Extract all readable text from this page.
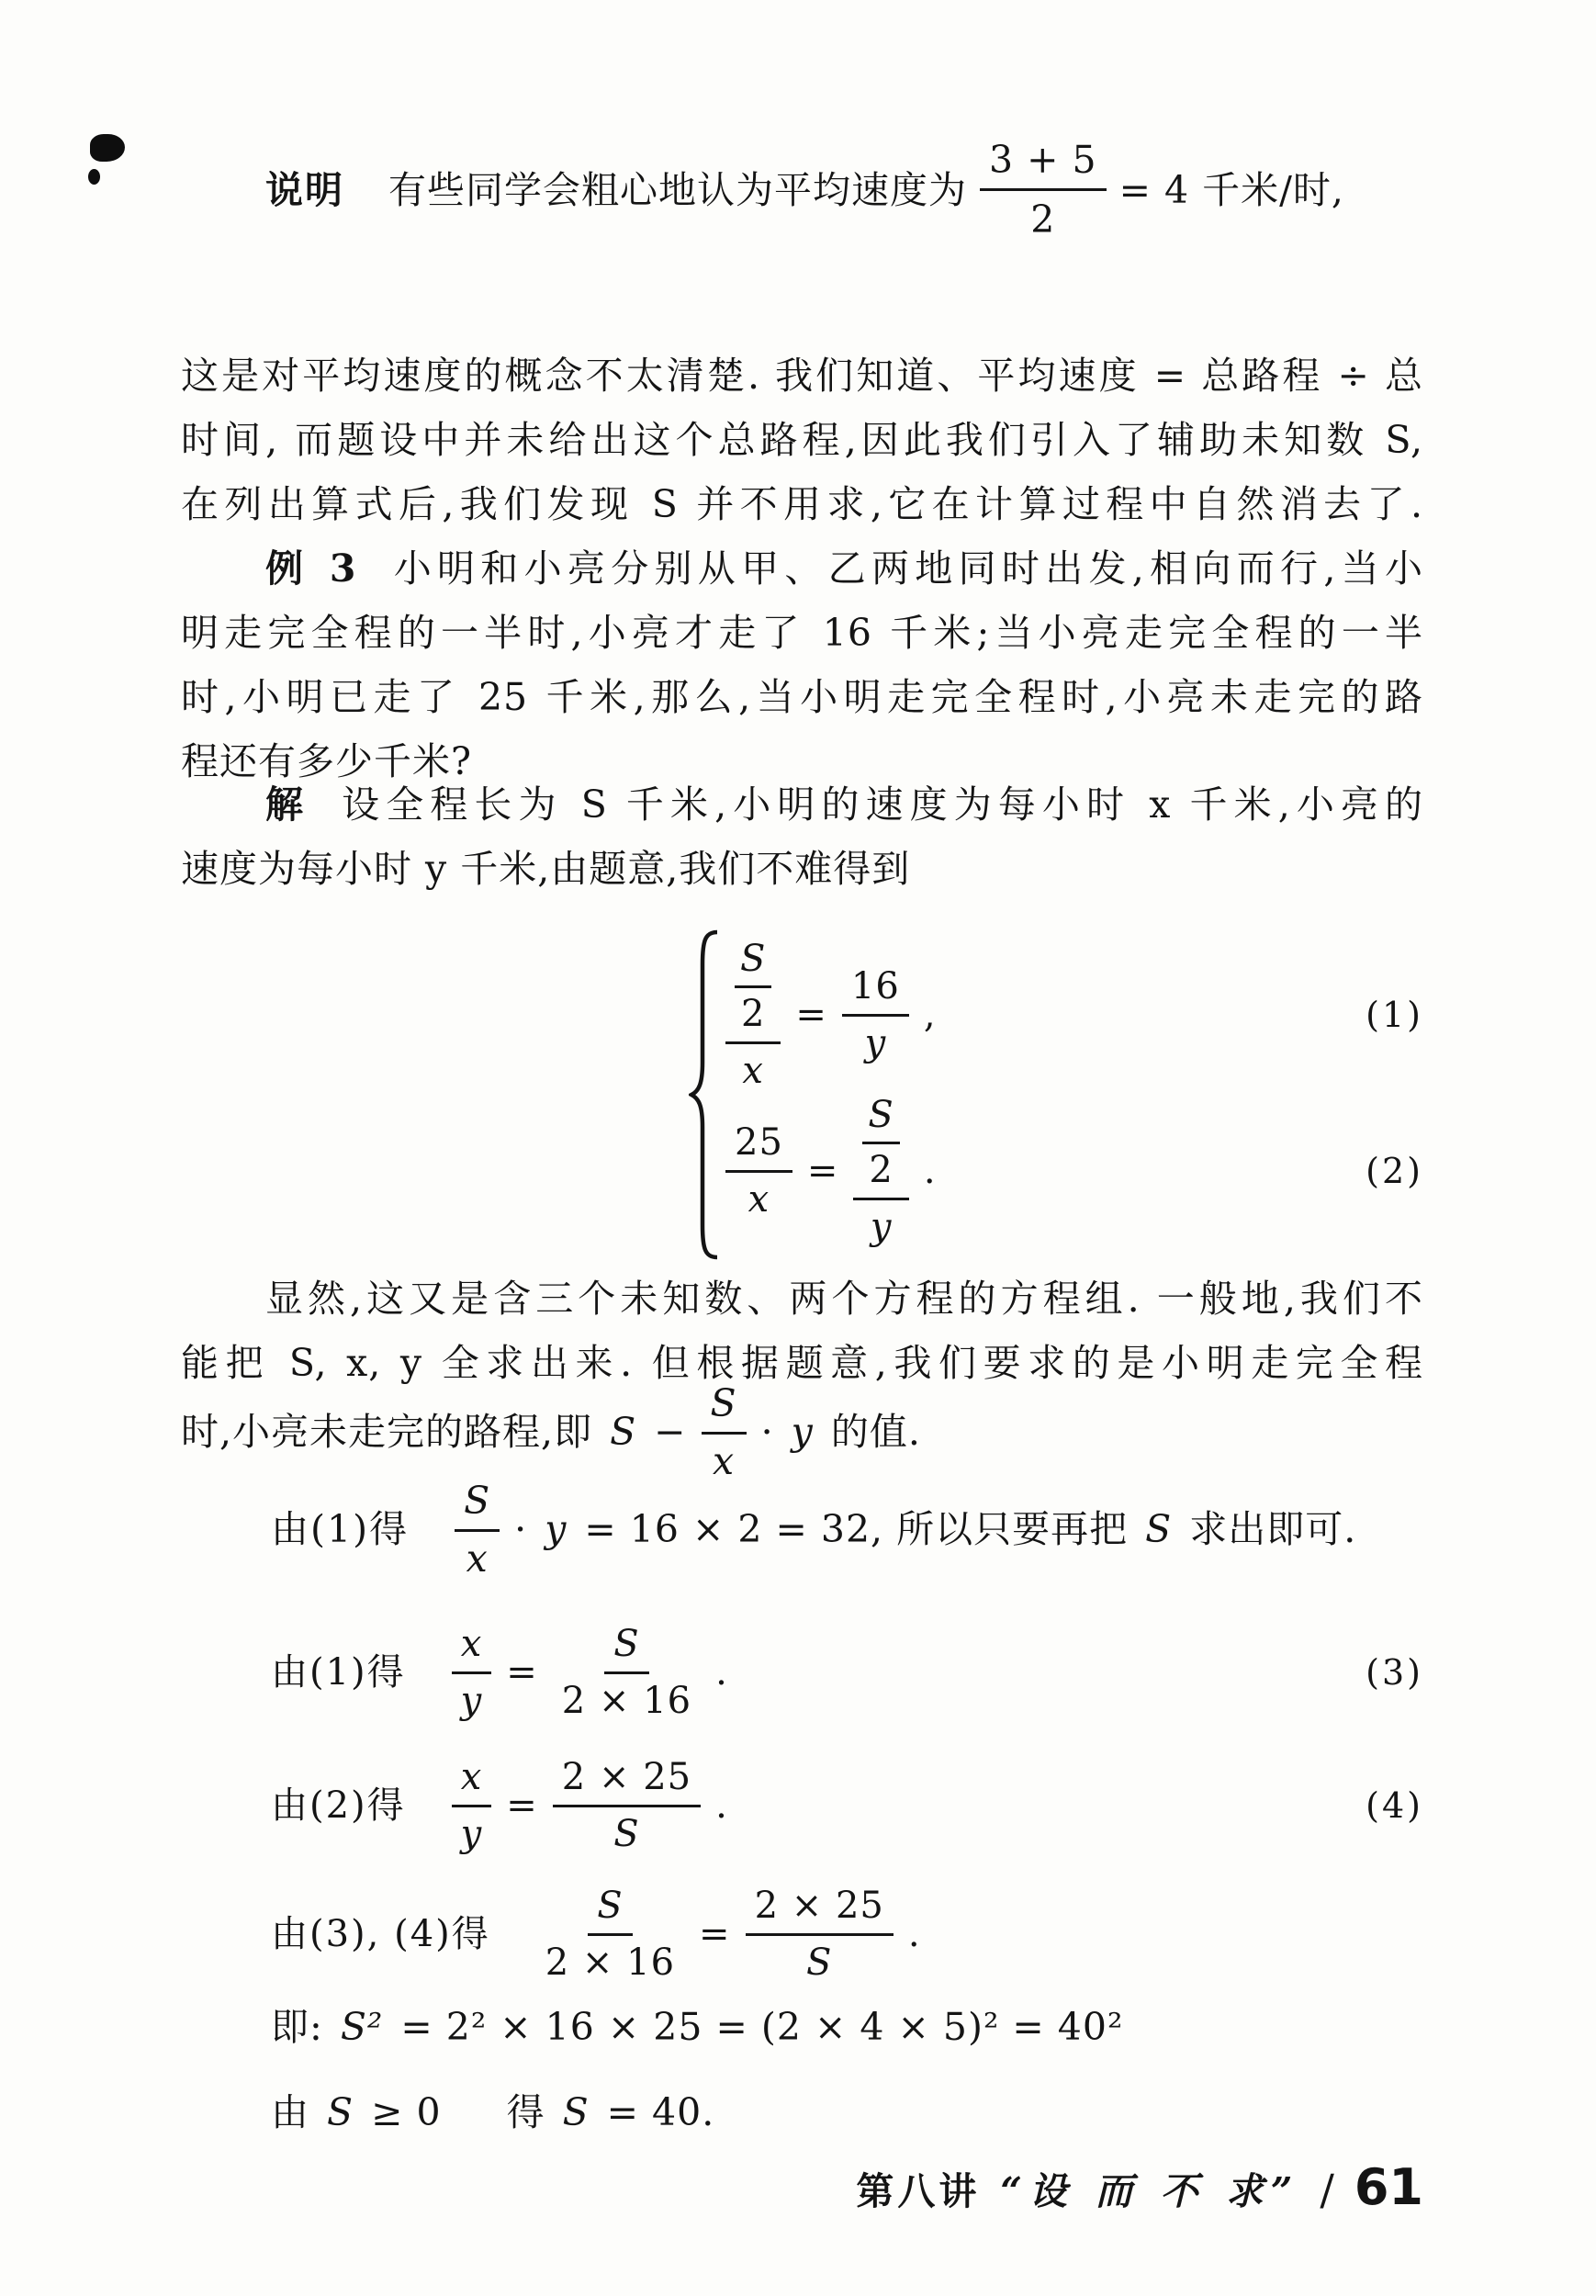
说明 有些同学会粗心地认为平均速度为 $\frac{3 + 5}{2} = 4$ 千米/时,
这是对平均速度的概念不太清楚. 我们知道、平均速度 = 总路程 ÷ 总
时间, 而题设中并未给出这个总路程,因此我们引入了辅助未知数 S,
在列出算式后,我们发现 S 并不用求,它在计算过程中自然消去了.
例 3 小明和小亮分别从甲、乙两地同时出发,相向而行,当小
明走完全程的一半时,小亮才走了 16 千米;当小亮走完全程的一半
时,小明已走了 25 千米,那么,当小明走完全程时,小亮未走完的路
程还有多少千米?
解 设全程长为 S 千米,小明的速度为每小时 x 千米,小亮的
速度为每小时 y 千米,由题意,我们不难得到
$\frac{\frac{S}{2}}{x} = \frac{16}{y}$ ,	(1)
$\frac{25}{x} = \frac{\frac{S}{2}}{y}$ .	(2)
显然,这又是含三个未知数、两个方程的方程组. 一般地,我们不
能把 S, x, y 全求出来. 但根据题意,我们要求的是小明走完全程
时,小亮未走完的路程,即 $S - \frac{S}{x} \cdot y$ 的值.
由(1)得 $\frac{S}{x} \cdot y = 16 \times 2 = 32$, 所以只要再把 S 求出即可.
由(1)得 $\frac{x}{y} = \frac{S}{2 \times 16}$ .	(3)
由(2)得 $\frac{x}{y} = \frac{2 \times 25}{S}$ .	(4)
由(3), (4)得 $\frac{S}{2 \times 16} = \frac{2 \times 25}{S}$ .
即: S² = 2² × 16 × 25 = (2 × 4 × 5)² = 40²
由 S ≥ 0 得 S = 40.
第八讲 “设 而 不 求” / 61
